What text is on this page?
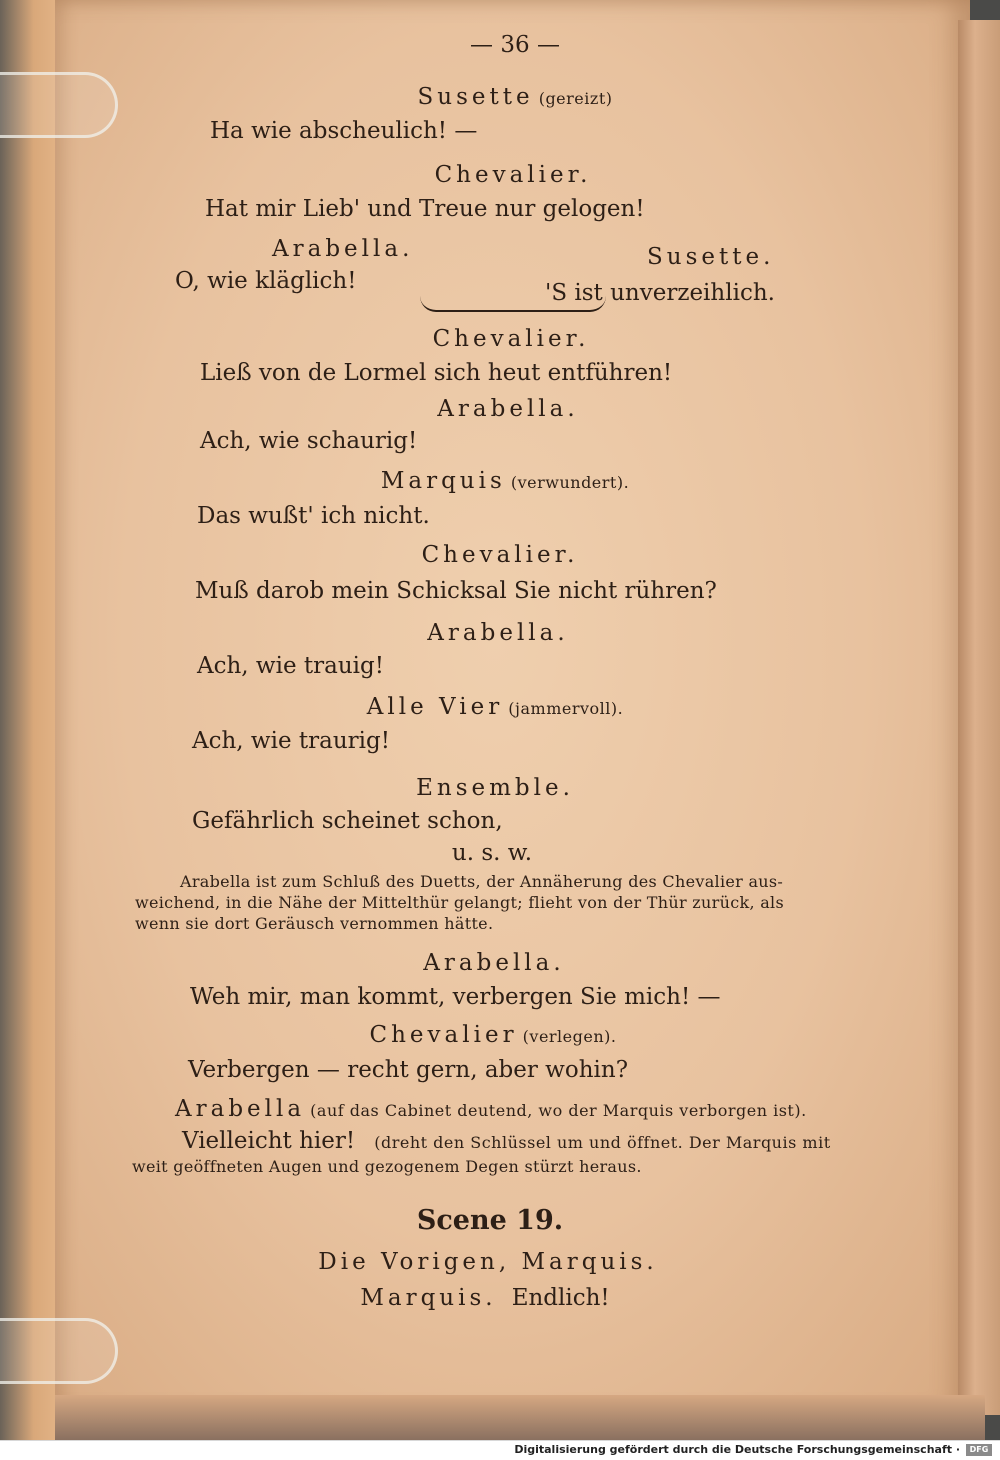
— 36 —
Susette (gereizt)
Ha wie abscheulich! —
Chevalier.
Hat mir Lieb' und Treue nur gelogen!
Arabella.	Susette.
O, wie kläglich!	'S ist unverzeihlich.
Chevalier.
Ließ von de Lormel sich heut entführen!
Arabella.
Ach, wie schaurig!
Marquis (verwundert).
Das wußt' ich nicht.
Chevalier.
Muß darob mein Schicksal Sie nicht rühren?
Arabella.
Ach, wie trauig!
Alle Vier (jammervoll).
Ach, wie traurig!
Ensemble.
Gefährlich scheinet schon,
u. s. w.
Arabella ist zum Schluß des Duetts, der Annäherung des Chevalier aus-
weichend, in die Nähe der Mittelthür gelangt; flieht von der Thür zurück, als
wenn sie dort Geräusch vernommen hätte.
Arabella.
Weh mir, man kommt, verbergen Sie mich! —
Chevalier (verlegen).
Verbergen — recht gern, aber wohin?
Arabella (auf das Cabinet deutend, wo der Marquis verborgen ist).
Vielleicht hier! (dreht den Schlüssel um und öffnet. Der Marquis mit
weit geöffneten Augen und gezogenem Degen stürzt heraus.
Scene 19.
Die Vorigen, Marquis.
Marquis. Endlich!
Digitalisierung gefördert durch die Deutsche Forschungsgemeinschaft ·	DFG
